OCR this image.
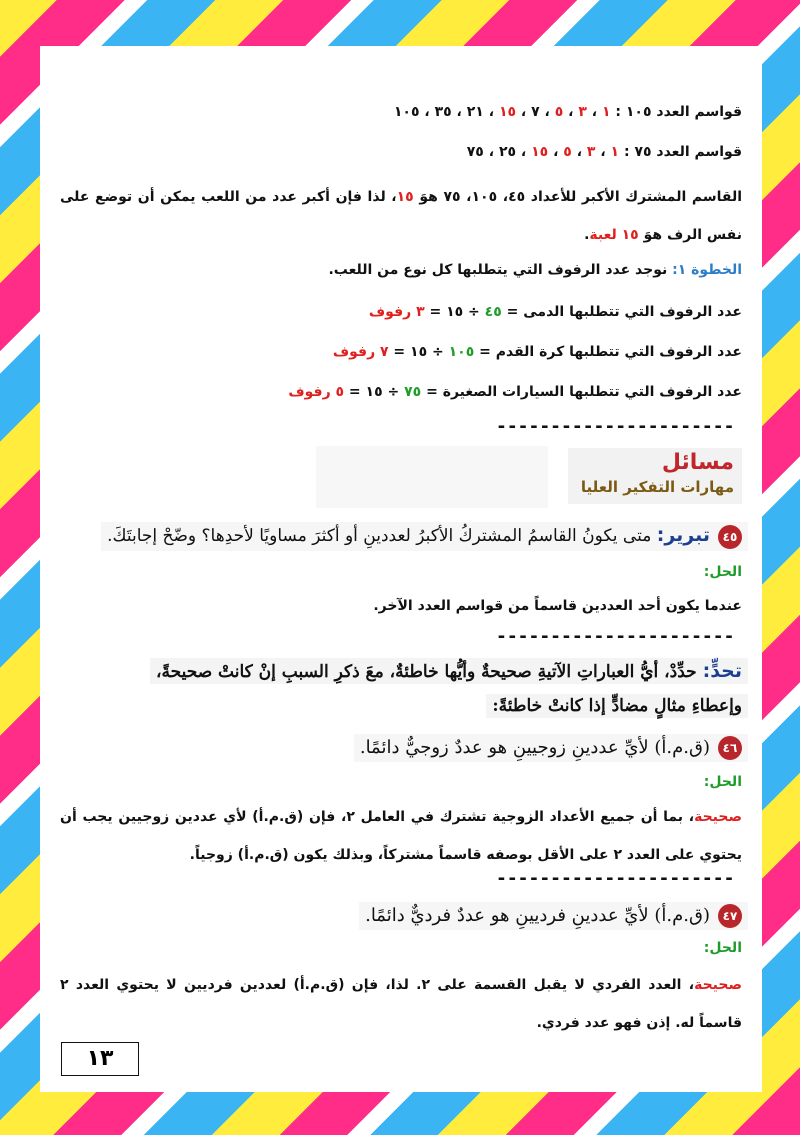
قواسم العدد ١٠٥ : ١ ، ٣ ، ٥ ، ٧ ، ١٥ ، ٢١ ، ٣٥ ، ١٠٥
قواسم العدد ٧٥ : ١ ، ٣ ، ٥ ، ١٥ ، ٢٥ ، ٧٥
القاسم المشترك الأكبر للأعداد ٤٥، ١٠٥، ٧٥ هوَ ١٥، لذا فإن أكبر عدد من اللعب يمكن أن توضع على نفس الرف هوَ ١٥ لعبة.
الخطوة ١: نوجد عدد الرفوف التي يتطلبها كل نوع من اللعب.
عدد الرفوف التي تتطلبها الدمى = ٤٥ ÷ ١٥ = ٣ رفوف
عدد الرفوف التي تتطلبها كرة القدم = ١٠٥ ÷ ١٥ = ٧ رفوف
عدد الرفوف التي تتطلبها السيارات الصغيرة = ٧٥ ÷ ١٥ = ٥ رفوف
----------------------
مسائل
مهارات التفكير العليا
٤٥تبرير: متى يكونُ القاسمُ المشتركُ الأكبرُ لعددينِ أو أكثرَ مساويًا لأحدِها؟ وضّحْ إجابتَكَ.
الحل:
عندما يكون أحد العددين قاسماً من قواسم العدد الآخر.
----------------------
تحدٍّ: حدِّدْ، أيُّ العباراتِ الآتيةِ صحيحةٌ وأيُّها خاطئةٌ، معَ ذكرِ السببِ إنْ كانتْ صحيحةً،
وإعطاءِ مثالٍ مضادٍّ إذا كانتْ خاطئةً:
٤٦(ق.م.أ) لأيِّ عددينِ زوجيينِ هو عددٌ زوجيٌّ دائمًا.
الحل:
صحيحة، بما أن جميع الأعداد الزوجية تشترك في العامل ٢، فإن (ق.م.أ) لأي عددين زوجيين يجب أن يحتوي على العدد ٢ على الأقل بوصفه قاسماً مشتركاً، وبذلك يكون (ق.م.أ) زوجياً.
----------------------
٤٧(ق.م.أ) لأيِّ عددينِ فرديينِ هو عددٌ فرديٌّ دائمًا.
الحل:
صحيحة، العدد الفردي لا يقبل القسمة على ٢. لذا، فإن (ق.م.أ) لعددين فرديين لا يحتوي العدد ٢ قاسماً له. إذن فهو عدد فردي.
١٣
